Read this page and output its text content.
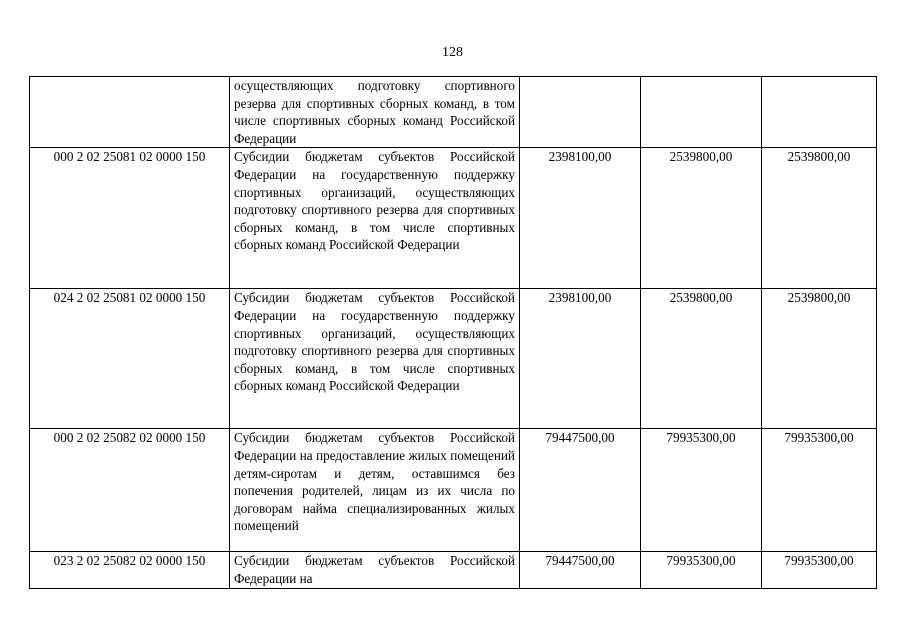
128
	осуществляющих подготовку спортивного резерва для спортивных сборных команд, в том числе спортивных сборных команд Российской Федерации			
000 2 02 25081 02 0000 150	Субсидии бюджетам субъектов Российской Федерации на государственную поддержку спортивных организаций, осуществляющих подготовку спортивного резерва для спортивных сборных команд, в том числе спортивных сборных команд Российской Федерации	2398100,00	2539800,00	2539800,00
024 2 02 25081 02 0000 150	Субсидии бюджетам субъектов Российской Федерации на государственную поддержку спортивных организаций, осуществляющих подготовку спортивного резерва для спортивных сборных команд, в том числе спортивных сборных команд Российской Федерации	2398100,00	2539800,00	2539800,00
000 2 02 25082 02 0000 150	Субсидии бюджетам субъектов Российской Федерации на предоставление жилых помещений детям-сиротам и детям, оставшимся без попечения родителей, лицам из их числа по договорам найма специализированных жилых помещений	79447500,00	79935300,00	79935300,00
023 2 02 25082 02 0000 150	Субсидии бюджетам субъектов Российской Федерации на	79447500,00	79935300,00	79935300,00
